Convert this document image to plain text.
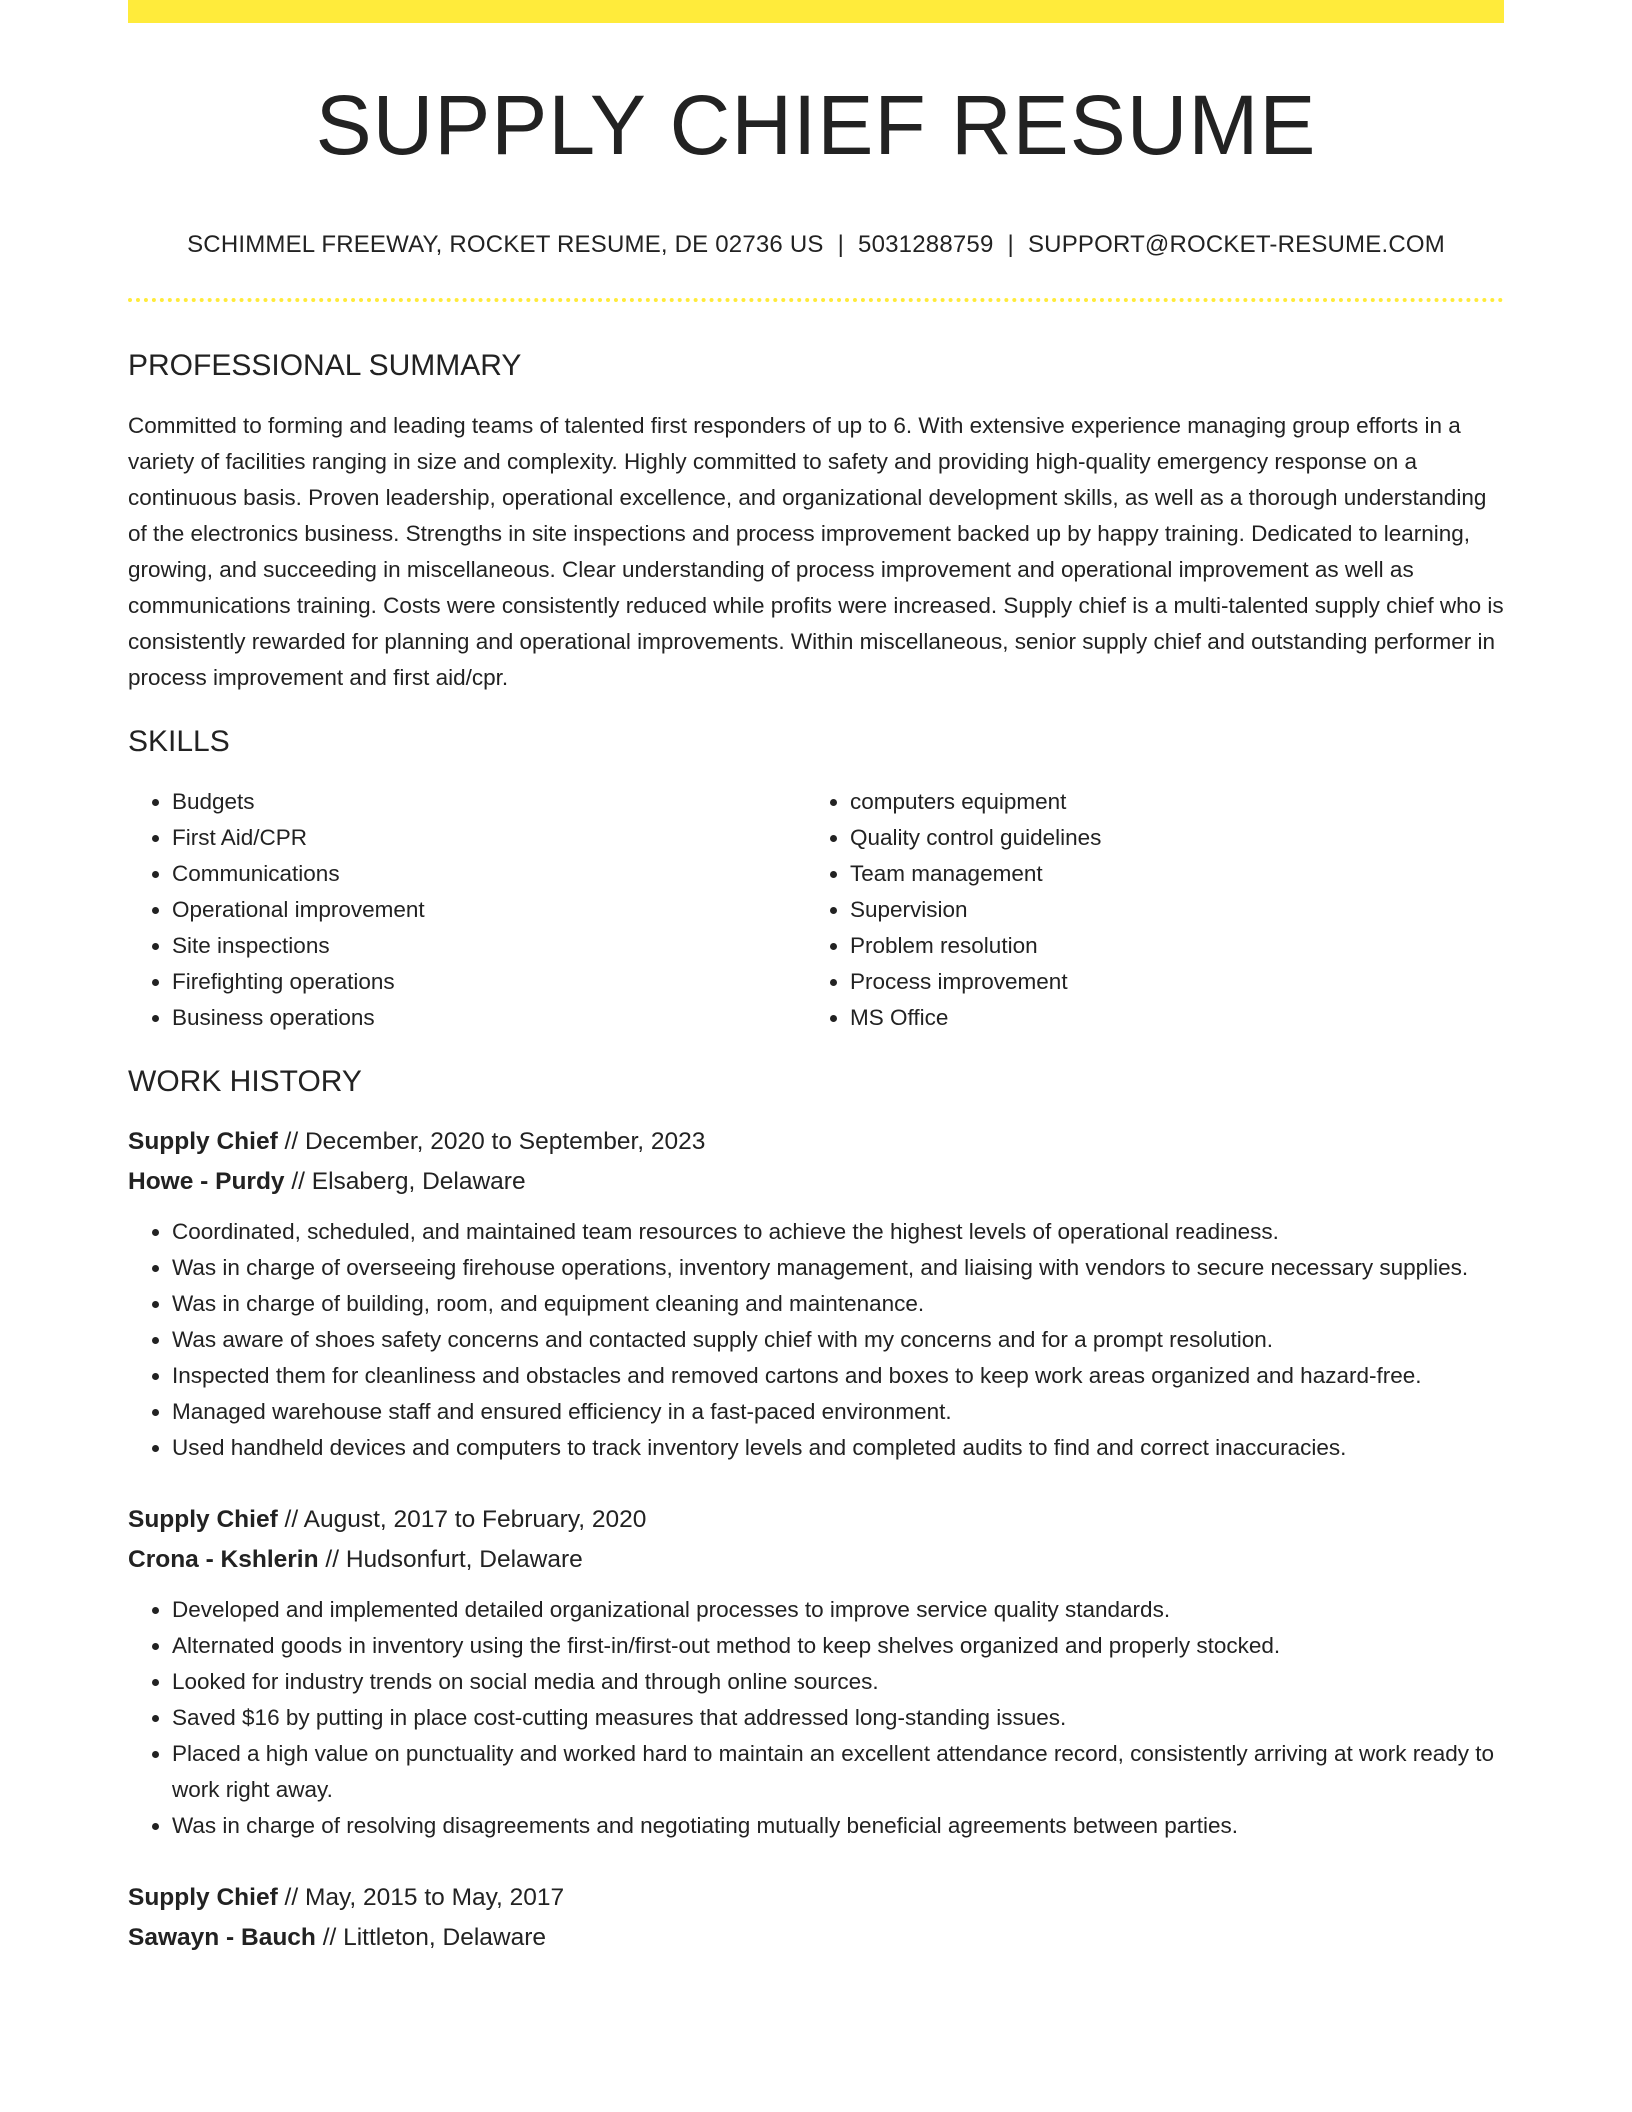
SUPPLY CHIEF RESUME
SCHIMMEL FREEWAY, ROCKET RESUME, DE 02736 US | 5031288759 | SUPPORT@ROCKET-RESUME.COM
PROFESSIONAL SUMMARY

Committed to forming and leading teams of talented first responders of up to 6. With extensive experience managing group efforts in a variety of facilities ranging in size and complexity. Highly committed to safety and providing high-quality emergency response on a continuous basis. Proven leadership, operational excellence, and organizational development skills, as well as a thorough understanding of the electronics business. Strengths in site inspections and process improvement backed up by happy training. Dedicated to learning, growing, and succeeding in miscellaneous. Clear understanding of process improvement and operational improvement as well as communications training. Costs were consistently reduced while profits were increased. Supply chief is a multi-talented supply chief who is consistently rewarded for planning and operational improvements. Within miscellaneous, senior supply chief and outstanding performer in process improvement and first aid/cpr.

SKILLS
• Budgets
• First Aid/CPR
• Communications
• Operational improvement
• Site inspections
• Firefighting operations
• Business operations
• computers equipment
• Quality control guidelines
• Team management
• Supervision
• Problem resolution
• Process improvement
• MS Office
WORK HISTORY
Supply Chief // December, 2020 to September, 2023
Howe - Purdy // Elsaberg, Delaware
• Coordinated, scheduled, and maintained team resources to achieve the highest levels of operational readiness.
• Was in charge of overseeing firehouse operations, inventory management, and liaising with vendors to secure necessary supplies.
• Was in charge of building, room, and equipment cleaning and maintenance.
• Was aware of shoes safety concerns and contacted supply chief with my concerns and for a prompt resolution.
• Inspected them for cleanliness and obstacles and removed cartons and boxes to keep work areas organized and hazard-free.
• Managed warehouse staff and ensured efficiency in a fast-paced environment.
• Used handheld devices and computers to track inventory levels and completed audits to find and correct inaccuracies.
Supply Chief // August, 2017 to February, 2020
Crona - Kshlerin // Hudsonfurt, Delaware
• Developed and implemented detailed organizational processes to improve service quality standards.
• Alternated goods in inventory using the first-in/first-out method to keep shelves organized and properly stocked.
• Looked for industry trends on social media and through online sources.
• Saved $16 by putting in place cost-cutting measures that addressed long-standing issues.
• Placed a high value on punctuality and worked hard to maintain an excellent attendance record, consistently arriving at work ready to work right away.
• Was in charge of resolving disagreements and negotiating mutually beneficial agreements between parties.
Supply Chief // May, 2015 to May, 2017
Sawayn - Bauch // Littleton, Delaware
